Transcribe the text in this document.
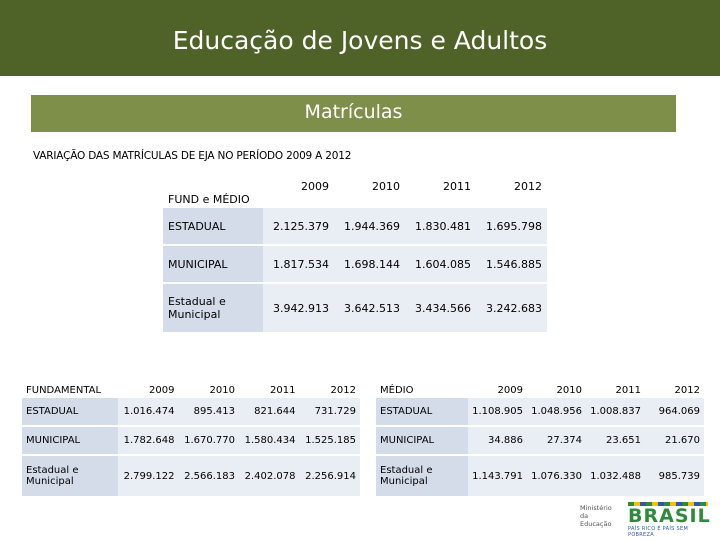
Educação de Jovens e Adultos
Matrículas
VARIAÇÃO DAS MATRÍCULAS DE EJA NO PERÍODO 2009 A 2012
FUND e MÉDIO	2009	2010	2011	2012
ESTADUAL	2.125.379	1.944.369	1.830.481	1.695.798
MUNICIPAL	1.817.534	1.698.144	1.604.085	1.546.885
Estadual e Municipal	3.942.913	3.642.513	3.434.566	3.242.683
FUNDAMENTAL	2009	2010	2011	2012
ESTADUAL	1.016.474	895.413	821.644	731.729
MUNICIPAL	1.782.648	1.670.770	1.580.434	1.525.185
Estadual e Municipal	2.799.122	2.566.183	2.402.078	2.256.914
MÉDIO	2009	2010	2011	2012
ESTADUAL	1.108.905	1.048.956	1.008.837	964.069
MUNICIPAL	34.886	27.374	23.651	21.670
Estadual e Municipal	1.143.791	1.076.330	1.032.488	985.739
Ministério da
Educação BRASIL
PAÍS RICO É PAÍS SEM POBREZA
